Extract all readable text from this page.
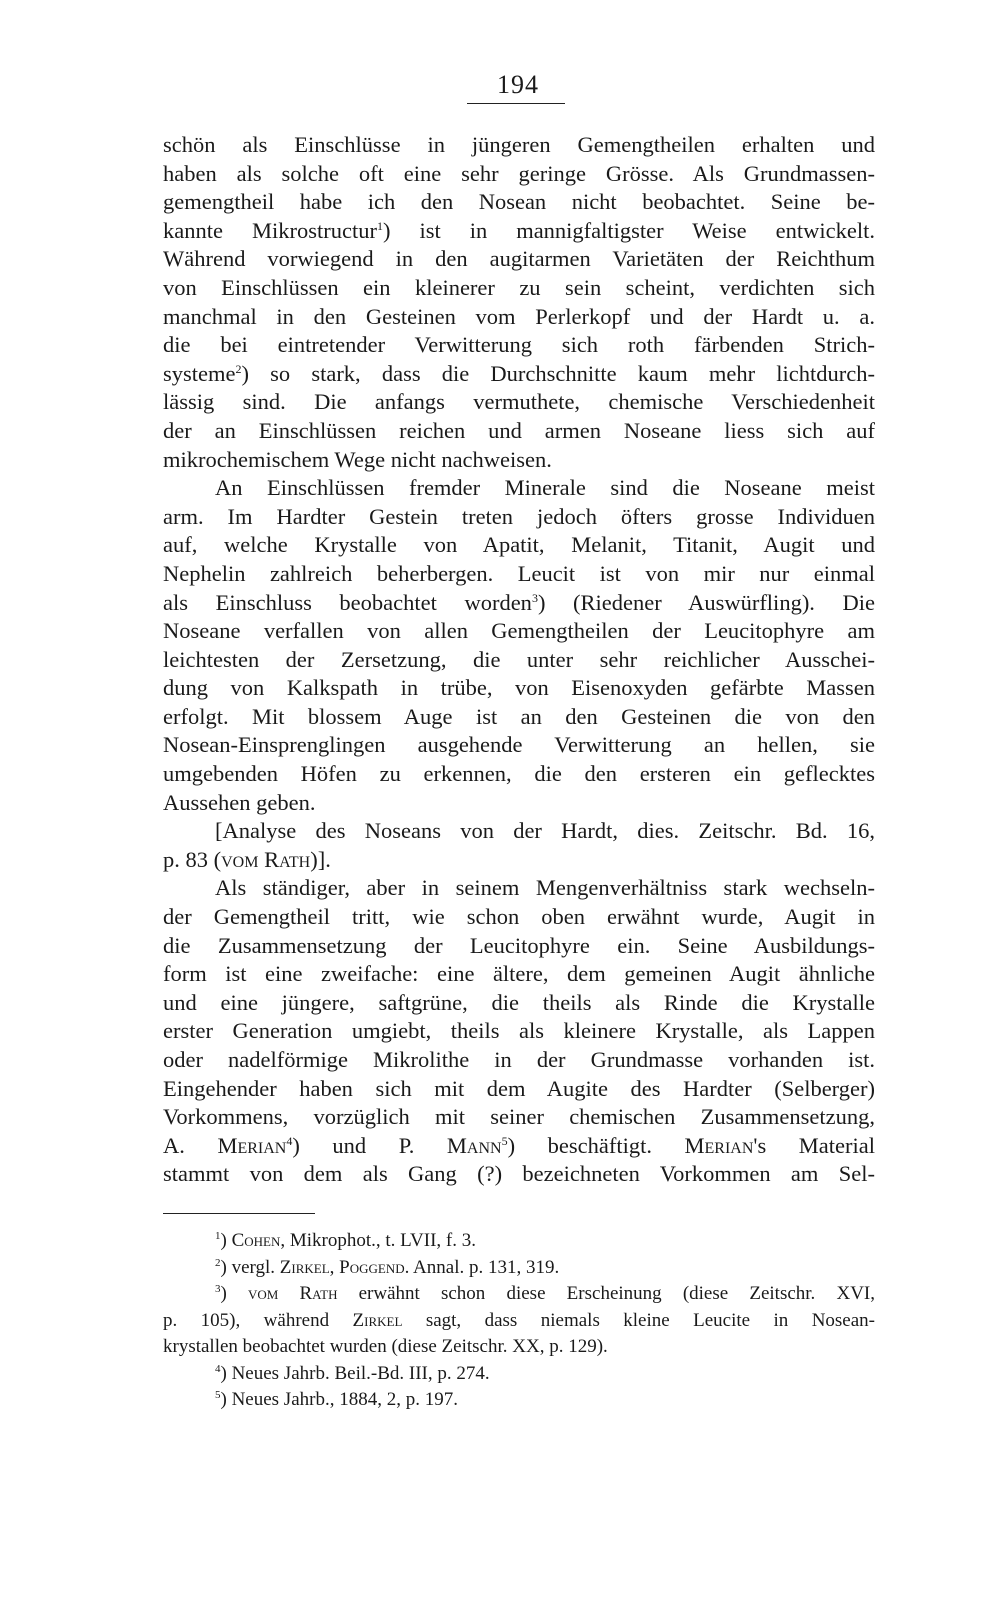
194
schön als Einschlüsse in jüngeren Gemengtheilen erhalten und
haben als solche oft eine sehr geringe Grösse. Als Grundmassen-
gemengtheil habe ich den Nosean nicht beobachtet. Seine be-
kannte Mikrostructur$^1$) ist in mannigfaltigster Weise entwickelt.
Während vorwiegend in den augitarmen Varietäten der Reichthum
von Einschlüssen ein kleinerer zu sein scheint, verdichten sich
manchmal in den Gesteinen vom Perlerkopf und der Hardt u. a.
die bei eintretender Verwitterung sich roth färbenden Strich-
systeme$^2$) so stark, dass die Durchschnitte kaum mehr lichtdurch-
lässig sind. Die anfangs vermuthete, chemische Verschiedenheit
der an Einschlüssen reichen und armen Noseane liess sich auf
mikrochemischem Wege nicht nachweisen.
An Einschlüssen fremder Minerale sind die Noseane meist
arm. Im Hardter Gestein treten jedoch öfters grosse Individuen
auf, welche Krystalle von Apatit, Melanit, Titanit, Augit und
Nephelin zahlreich beherbergen. Leucit ist von mir nur einmal
als Einschluss beobachtet worden$^3$) (Riedener Auswürfling). Die
Noseane verfallen von allen Gemengtheilen der Leucitophyre am
leichtesten der Zersetzung, die unter sehr reichlicher Ausschei-
dung von Kalkspath in trübe, von Eisenoxyden gefärbte Massen
erfolgt. Mit blossem Auge ist an den Gesteinen die von den
Nosean-Einsprenglingen ausgehende Verwitterung an hellen, sie
umgebenden Höfen zu erkennen, die den ersteren ein geflecktes
Aussehen geben.
[Analyse des Noseans von der Hardt, dies. Zeitschr. Bd. 16,
p. 83 (vom Rath)].
Als ständiger, aber in seinem Mengenverhältniss stark wechseln-
der Gemengtheil tritt, wie schon oben erwähnt wurde, Augit in
die Zusammensetzung der Leucitophyre ein. Seine Ausbildungs-
form ist eine zweifache: eine ältere, dem gemeinen Augit ähnliche
und eine jüngere, saftgrüne, die theils als Rinde die Krystalle
erster Generation umgiebt, theils als kleinere Krystalle, als Lappen
oder nadelförmige Mikrolithe in der Grundmasse vorhanden ist.
Eingehender haben sich mit dem Augite des Hardter (Selberger)
Vorkommens, vorzüglich mit seiner chemischen Zusammensetzung,
A. Merian$^4$) und P. Mann$^5$) beschäftigt. Merian's Material
stammt von dem als Gang (?) bezeichneten Vorkommen am Sel-
$^1$) Cohen, Mikrophot., t. LVII, f. 3.
$^2$) vergl. Zirkel, Poggend. Annal. p. 131, 319.
$^3$) vom Rath erwähnt schon diese Erscheinung (diese Zeitschr. XVI,
p. 105), während Zirkel sagt, dass niemals kleine Leucite in Nosean-
krystallen beobachtet wurden (diese Zeitschr. XX, p. 129).
$^4$) Neues Jahrb. Beil.-Bd. III, p. 274.
$^5$) Neues Jahrb., 1884, 2, p. 197.
